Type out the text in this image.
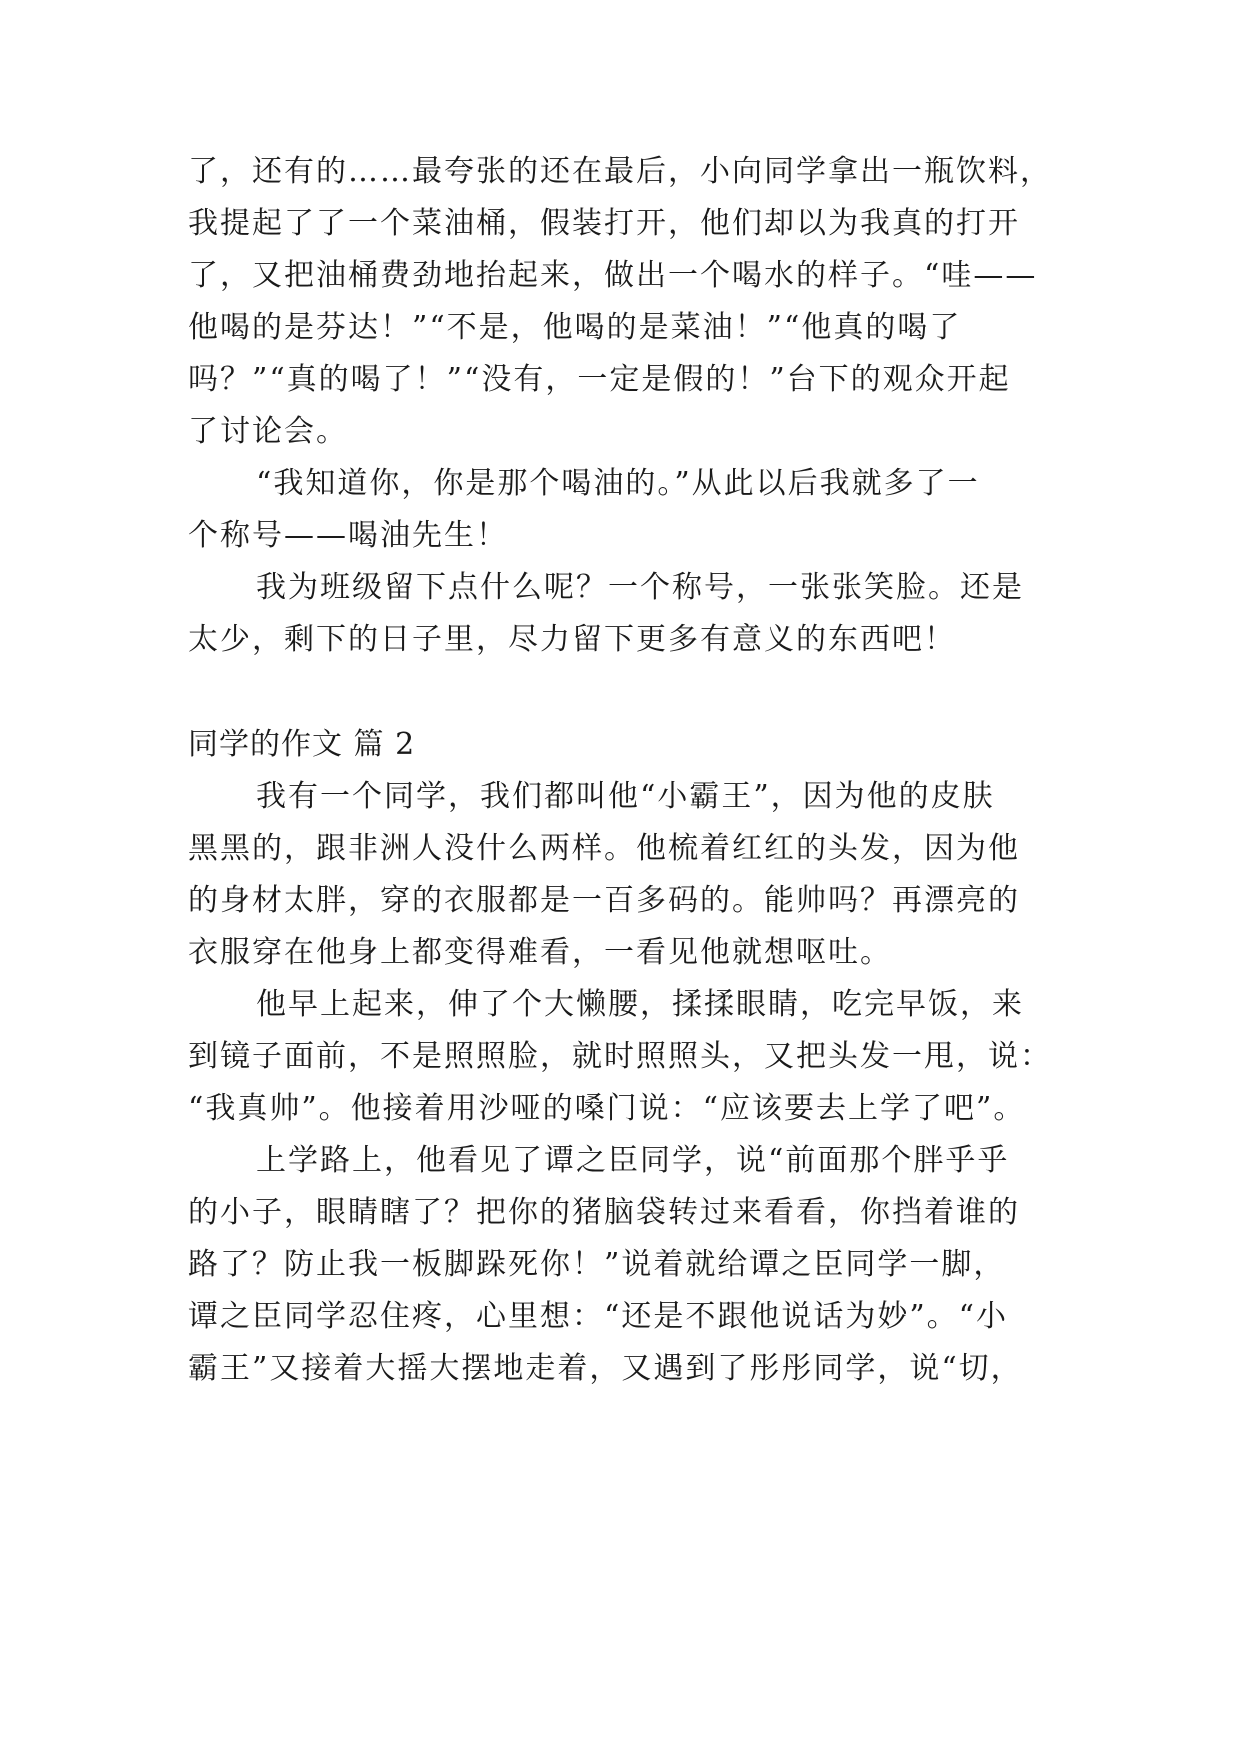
了，还有的……最夸张的还在最后，小向同学拿出一瓶饮料，
我提起了了一个菜油桶，假装打开，他们却以为我真的打开
了，又把油桶费劲地抬起来，做出一个喝水的样子。“哇——
他喝的是芬达！”“不是，他喝的是菜油！”“他真的喝了
吗？”“真的喝了！”“没有，一定是假的！”台下的观众开起
了讨论会。
“我知道你，你是那个喝油的。”从此以后我就多了一
个称号——喝油先生！
我为班级留下点什么呢？一个称号，一张张笑脸。还是
太少，剩下的日子里，尽力留下更多有意义的东西吧！
同学的作文 篇 2
我有一个同学，我们都叫他“小霸王”，因为他的皮肤
黑黑的，跟非洲人没什么两样。他梳着红红的头发，因为他
的身材太胖，穿的衣服都是一百多码的。能帅吗？再漂亮的
衣服穿在他身上都变得难看，一看见他就想呕吐。
他早上起来，伸了个大懒腰，揉揉眼睛，吃完早饭，来
到镜子面前，不是照照脸，就时照照头，又把头发一甩，说：
“我真帅”。他接着用沙哑的嗓门说：“应该要去上学了吧”。
上学路上，他看见了谭之臣同学，说“前面那个胖乎乎
的小子，眼睛瞎了？把你的猪脑袋转过来看看，你挡着谁的
路了？防止我一板脚跺死你！”说着就给谭之臣同学一脚，
谭之臣同学忍住疼，心里想：“还是不跟他说话为妙”。“小
霸王”又接着大摇大摆地走着，又遇到了彤彤同学，说“切，
